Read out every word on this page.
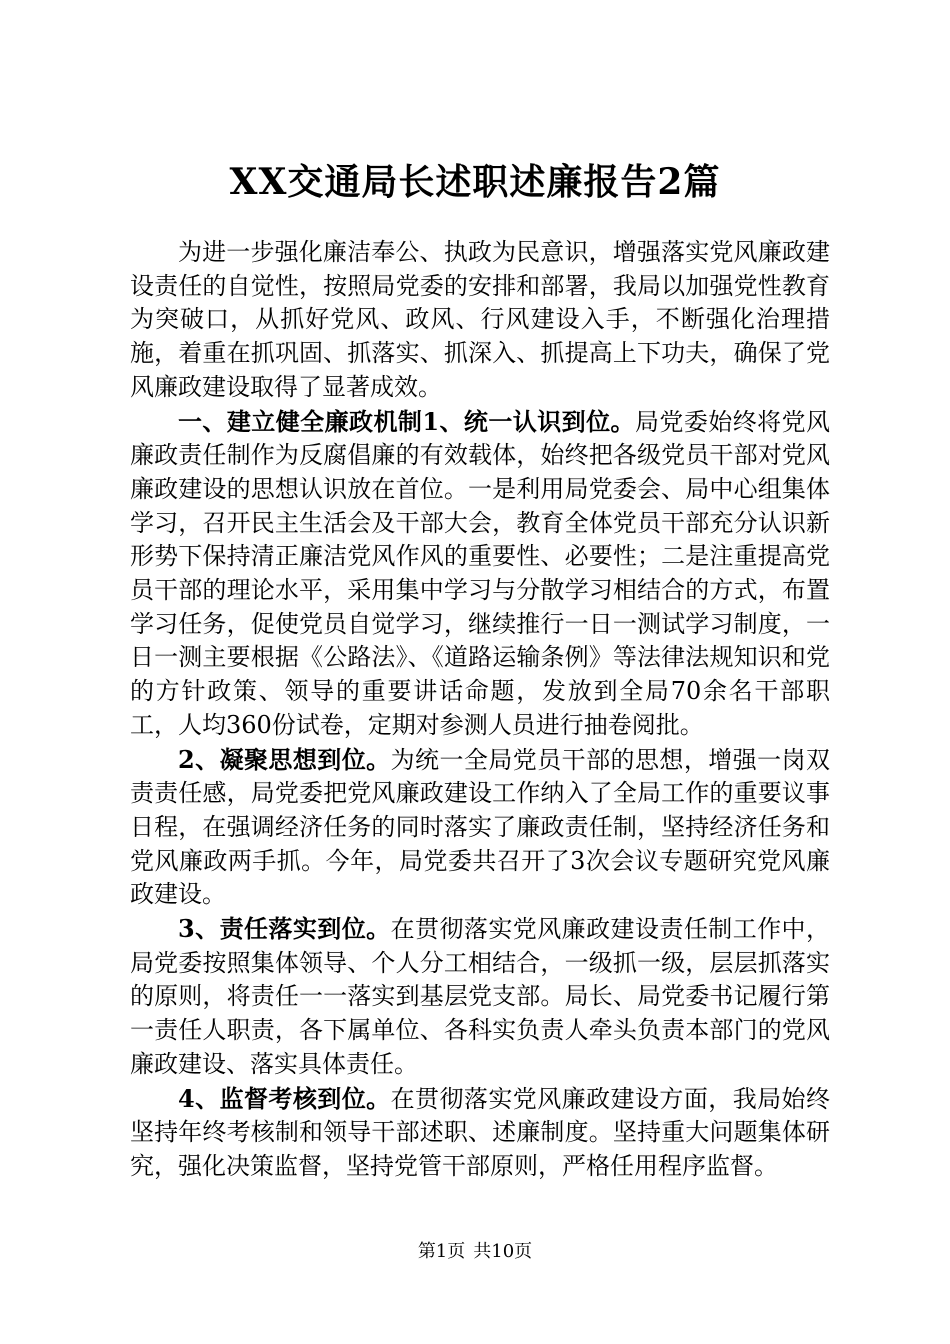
XX交通局长述职述廉报告2篇

为进一步强化廉洁奉公、执政为民意识，增强落实党风廉政建设责任的自觉性，按照局党委的安排和部署，我局以加强党性教育为突破口，从抓好党风、政风、行风建设入手，不断强化治理措施，着重在抓巩固、抓落实、抓深入、抓提高上下功夫，确保了党风廉政建设取得了显著成效。

一、建立健全廉政机制1、统一认识到位。局党委始终将党风廉政责任制作为反腐倡廉的有效载体，始终把各级党员干部对党风廉政建设的思想认识放在首位。一是利用局党委会、局中心组集体学习，召开民主生活会及干部大会，教育全体党员干部充分认识新形势下保持清正廉洁党风作风的重要性、必要性；二是注重提高党员干部的理论水平，采用集中学习与分散学习相结合的方式，布置学习任务，促使党员自觉学习，继续推行一日一测试学习制度，一日一测主要根据《公路法》、《道路运输条例》等法律法规知识和党的方针政策、领导的重要讲话命题，发放到全局70余名干部职工，人均360份试卷，定期对参测人员进行抽卷阅批。

2、凝聚思想到位。为统一全局党员干部的思想，增强一岗双责责任感，局党委把党风廉政建设工作纳入了全局工作的重要议事日程，在强调经济任务的同时落实了廉政责任制，坚持经济任务和党风廉政两手抓。今年，局党委共召开了3次会议专题研究党风廉政建设。

3、责任落实到位。在贯彻落实党风廉政建设责任制工作中，局党委按照集体领导、个人分工相结合，一级抓一级，层层抓落实的原则，将责任一一落实到基层党支部。局长、局党委书记履行第一责任人职责，各下属单位、各科实负责人牵头负责本部门的党风廉政建设、落实具体责任。

4、监督考核到位。在贯彻落实党风廉政建设方面，我局始终坚持年终考核制和领导干部述职、述廉制度。坚持重大问题集体研究，强化决策监督，坚持党管干部原则，严格任用程序监督。

第1页 共10页
